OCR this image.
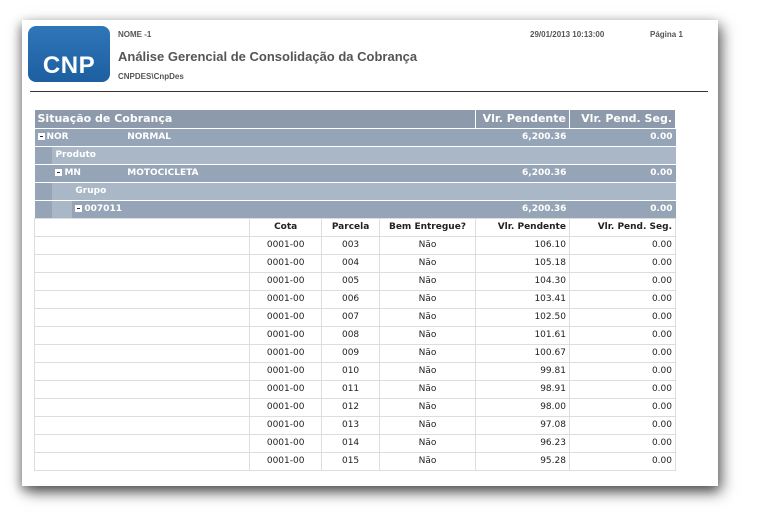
CNP
NOME -1
Análise Gerencial de Consolidação da Cobrança
CNPDES\CnpDes
29/01/2013 10:13:00	Página 1
Situação de Cobrança							Vlr. Pendente	Vlr. Pend. Seg.
NOR			NORMAL				6,200.36	0.00
	Produto							
	MN		MOTOCICLETA				6,200.36	0.00
		Grupo						
		007011					6,200.36	0.00
				Cota	Parcela	Bem Entregue?	Vlr. Pendente	Vlr. Pend. Seg.
				0001-00	003	Não	106.10	0.00
				0001-00	004	Não	105.18	0.00
				0001-00	005	Não	104.30	0.00
				0001-00	006	Não	103.41	0.00
				0001-00	007	Não	102.50	0.00
				0001-00	008	Não	101.61	0.00
				0001-00	009	Não	100.67	0.00
				0001-00	010	Não	99.81	0.00
				0001-00	011	Não	98.91	0.00
				0001-00	012	Não	98.00	0.00
				0001-00	013	Não	97.08	0.00
				0001-00	014	Não	96.23	0.00
				0001-00	015	Não	95.28	0.00
